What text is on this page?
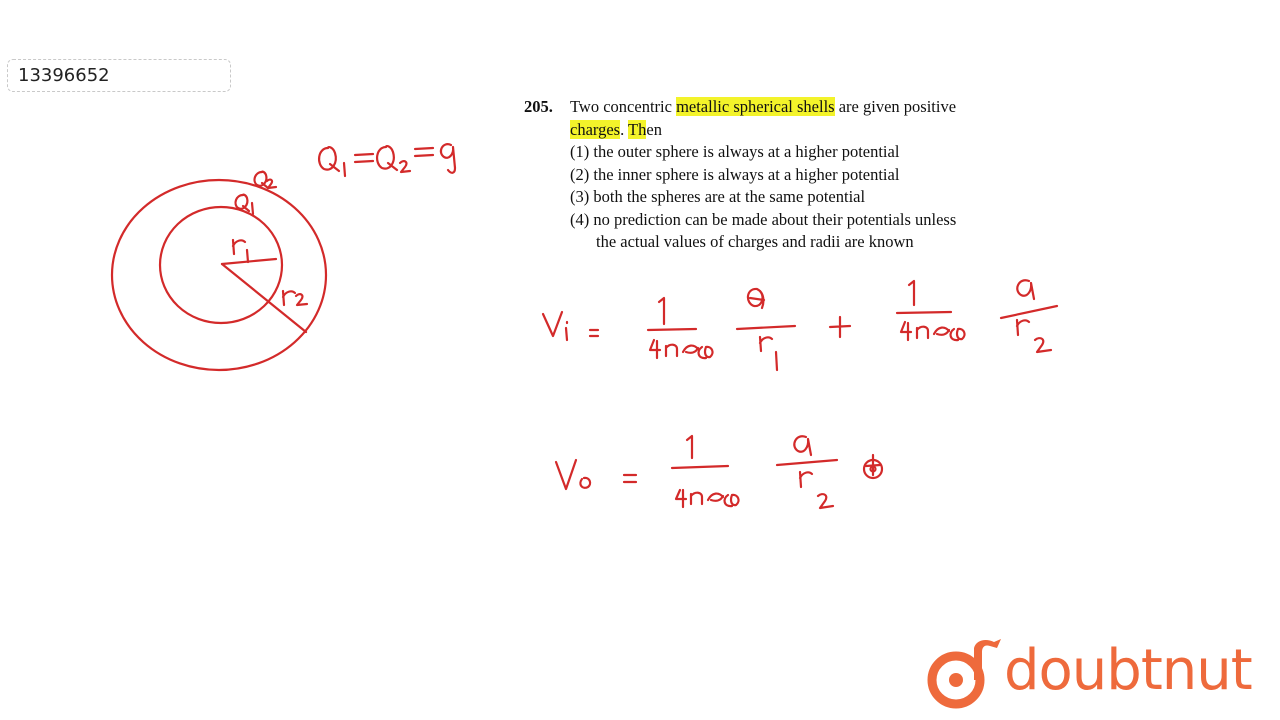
13396652
205. Two concentric metallic spherical shells are given positive
charges. Then
(1) the outer sphere is always at a higher potential
(2) the inner sphere is always at a higher potential
(3) both the spheres are at the same potential
(4) no prediction can be made about their potentials unless
the actual values of charges and radii are known
doubtnut
